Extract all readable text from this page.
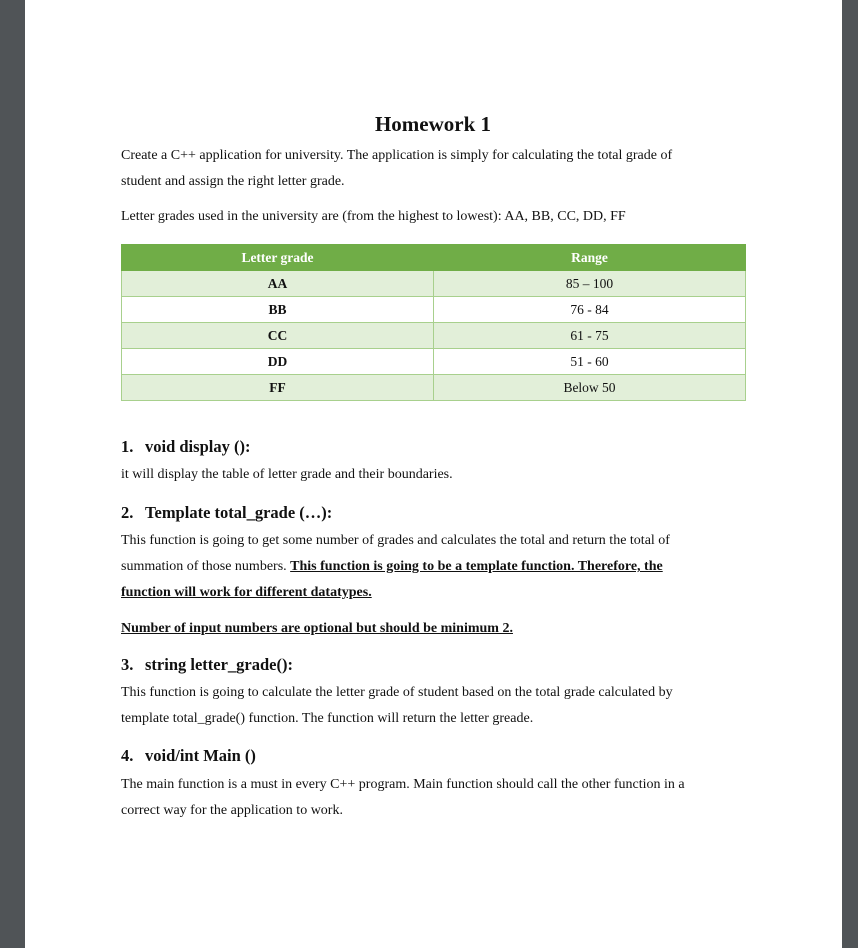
Homework 1
Create a C++ application for university. The application is simply for calculating the total grade of
student and assign the right letter grade.
Letter grades used in the university are (from the highest to lowest): AA, BB, CC, DD, FF
Letter grade	Range
AA	85 – 100
BB	76 - 84
CC	61 - 75
DD	51 - 60
FF	Below 50
1. void display ():
it will display the table of letter grade and their boundaries.
2. Template total_grade (…):
This function is going to get some number of grades and calculates the total and return the total of
summation of those numbers. This function is going to be a template function. Therefore, the
function will work for different datatypes.
Number of input numbers are optional but should be minimum 2.
3. string letter_grade():
This function is going to calculate the letter grade of student based on the total grade calculated by
template total_grade() function. The function will return the letter greade.
4. void/int Main ()
The main function is a must in every C++ program. Main function should call the other function in a
correct way for the application to work.
